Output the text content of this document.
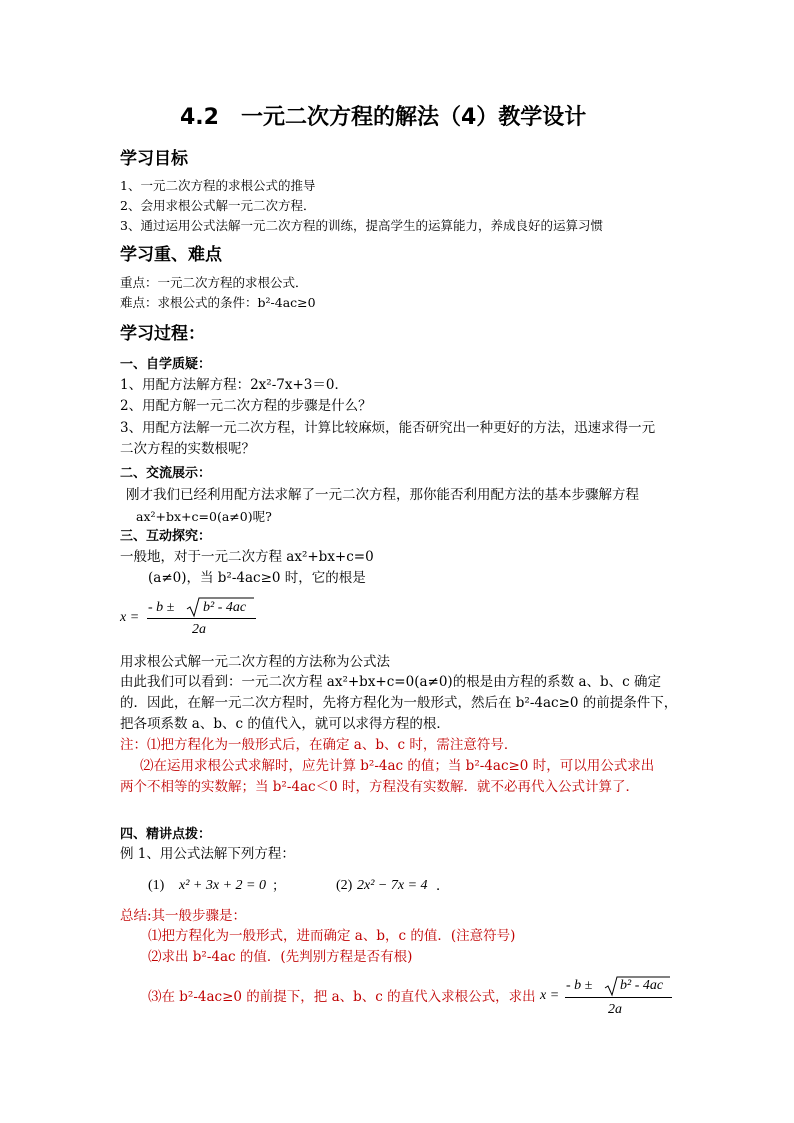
4.2　一元二次方程的解法（4）教学设计
学习目标
1、一元二次方程的求根公式的推导
2、会用求根公式解一元二次方程．
3、通过运用公式法解一元二次方程的训练，提高学生的运算能力，养成良好的运算习惯
学习重、难点
重点：一元二次方程的求根公式．
难点：求根公式的条件：b²-4ac≥0
学习过程：
一、自学质疑：
1、用配方法解方程：2x²-7x+3＝0．
2、用配方解一元二次方程的步骤是什么？
3、用配方法解一元二次方程，计算比较麻烦，能否研究出一种更好的方法，迅速求得一元
二次方程的实数根呢？
二、交流展示：
刚才我们已经利用配方法求解了一元二次方程，那你能否利用配方法的基本步骤解方程
ax²+bx+c=0(a≠0)呢?
三、互动探究：
一般地，对于一元二次方程 ax²+bx+c=0
(a≠0)，当 b²-4ac≥0 时，它的根是
x =
- b ± b² - 4ac
2a
用求根公式解一元二次方程的方法称为公式法
由此我们可以看到：一元二次方程 ax²+bx+c=0(a≠0)的根是由方程的系数 a、b、c 确定
的．因此，在解一元二次方程时，先将方程化为一般形式，然后在 b²-4ac≥0 的前提条件下，
把各项系数 a、b、c 的值代入，就可以求得方程的根．
注：⑴把方程化为一般形式后，在确定 a、b、c 时，需注意符号．
⑵在运用求根公式求解时，应先计算 b²-4ac 的值；当 b²-4ac≥0 时，可以用公式求出
两个不相等的实数解；当 b²-4ac＜0 时，方程没有实数解．就不必再代入公式计算了．
四、精讲点拨：
例 1、用公式法解下列方程：
(1) x² + 3x + 2 = 0 ；	(2) 2x² − 7x = 4 ．
总结:其一般步骤是：
⑴把方程化为一般形式，进而确定 a、b，c 的值．(注意符号)
⑵求出 b²-4ac 的值．(先判别方程是否有根)
⑶在 b²-4ac≥0 的前提下，把 a、b、c 的直代入求根公式，求出 x =
- b ± b² - 4ac
2a
